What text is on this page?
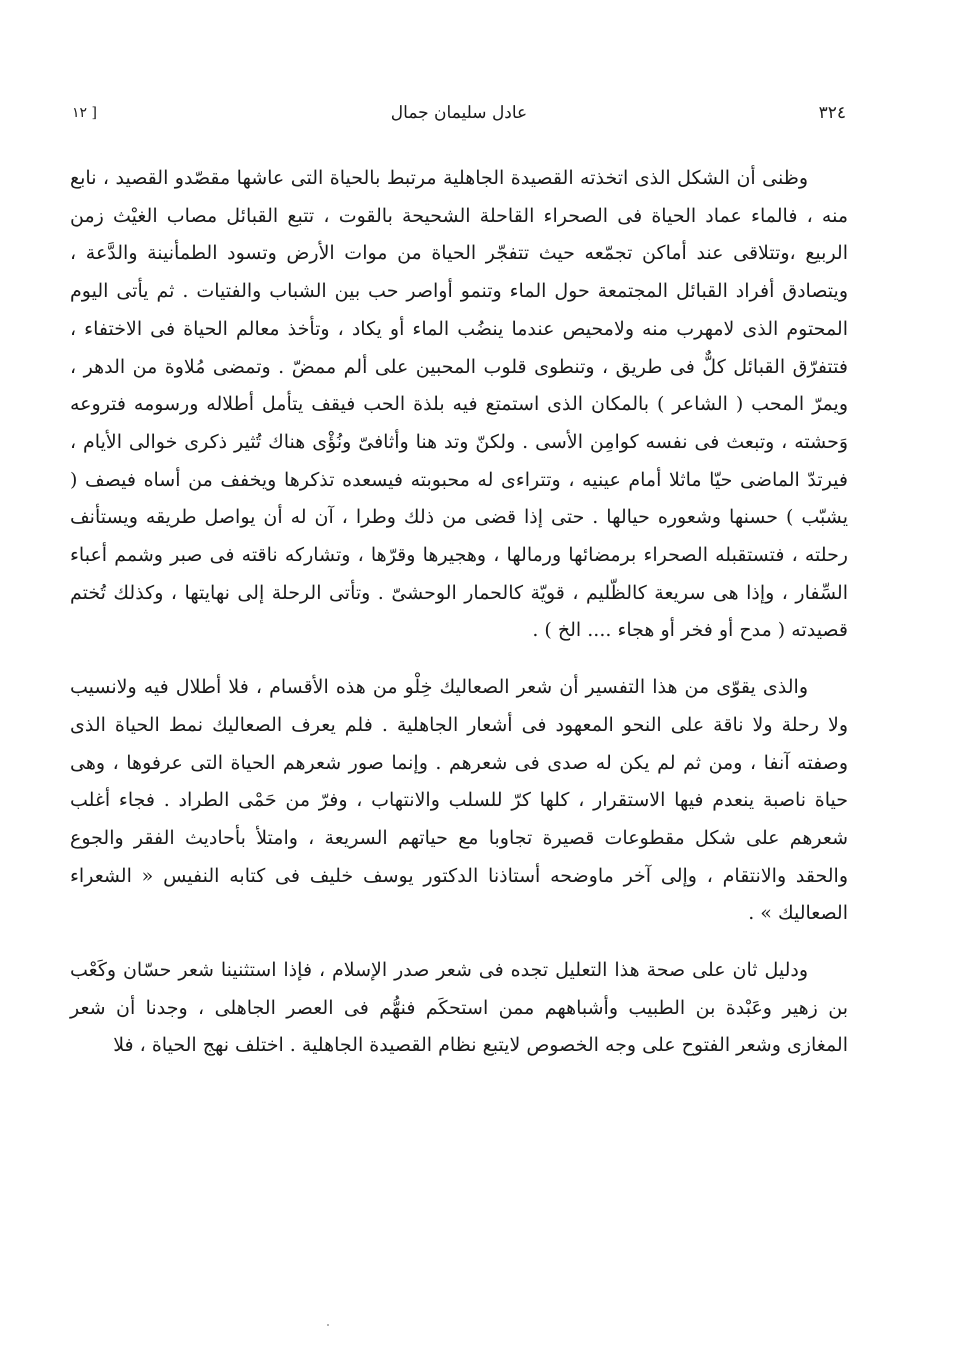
٣٢٤
عادل سليمان جمال
[ ١٢

وظنى أن الشكل الذى اتخذته القصيدة الجاهلية مرتبط بالحياة التى عاشها مقصّدو القصيد ، نابع منه ، فالماء عماد الحياة فى الصحراء القاحلة الشحيحة بالقوت ، تتبع القبائل مصاب الغيْث زمن الربيع ،وتتلاقى عند أماكن تجمّعه حيث تتفجّر الحياة من موات الأرض وتسود الطمأنينة والدَّعة ، ويتصادق أفراد القبائل المجتمعة حول الماء وتنمو أواصر حب بين الشباب والفتيات . ثم يأتى اليوم المحتوم الذى لامهرب منه ولامحيص عندما ينضُب الماء أو يكاد ، وتأخذ معالم الحياة فى الاختفاء ، فتتفرّق القبائل كلٌّ فى طريق ، وتنطوى قلوب المحبين على ألم ممضّ . وتمضى مُلاوة من الدهر ، ويمرّ المحب ( الشاعر ) بالمكان الذى استمتع فيه بلذة الحب فيقف يتأمل أطلاله ورسومه فتروعه وَحشته ، وتبعث فى نفسه كوامِن الأسى . ولكنّ وتد هنا وأثافىّ ونُؤْى هناك تُثير ذكرى خوالى الأيام ، فيرتدّ الماضى حيّا ماثلا أمام عينيه ، وتتراءى له محبوبته فيسعده تذكرها ويخفف من أساه فيصف ( يشبّب ) حسنها وشعوره حيالها . حتى إذا قضى من ذلك وطرا ، آن له أن يواصل طريقه ويستأنف رحلته ، فتستقبله الصحراء برمضائها ورمالها ، وهجيرها وقرّها ، وتشاركه ناقته فى صبر وشمم أعباء السِّفار ، وإذا هى سريعة كالظّليم ، قويّة كالحمار الوحشىّ . وتأتى الرحلة إلى نهايتها ، وكذلك تُختم قصيدته ( مدح أو فخر أو هجاء .... الخ ) .

والذى يقوّى من هذا التفسير أن شعر الصعاليك خِلْو من هذه الأقسام ، فلا أطلال فيه ولانسيب ولا رحلة ولا ناقة على النحو المعهود فى أشعار الجاهلية . فلم يعرف الصعاليك نمط الحياة الذى وصفته آنفا ، ومن ثم لم يكن له صدى فى شعرهم . وإنما صور شعرهم الحياة التى عرفوها ، وهى حياة ناصبة ينعدم فيها الاستقرار ، كلها كرّ للسلب والانتهاب ، وفرّ من حَمْى الطراد . فجاء أغلب شعرهم على شكل مقطوعات قصيرة تجاوبا مع حياتهم السريعة ، وامتلأ بأحاديث الفقر والجوع والحقد والانتقام ، وإلى آخر ماوضحه أستاذنا الدكتور يوسف خليف فى كتابه النفيس « الشعراء الصعاليك » .

ودليل ثان على صحة هذا التعليل تجده فى شعر صدر الإسلام ، فإذا استثنينا شعر حسّان وكَعْب بن زهير وعَبْدة بن الطبيب وأشباههم ممن استحكَم فنهُّم فى العصر الجاهلى ، وجدنا أن شعر المغازى وشعر الفتوح على وجه الخصوص لايتبع نظام القصيدة الجاهلية . اختلف نهج الحياة ، فلا
